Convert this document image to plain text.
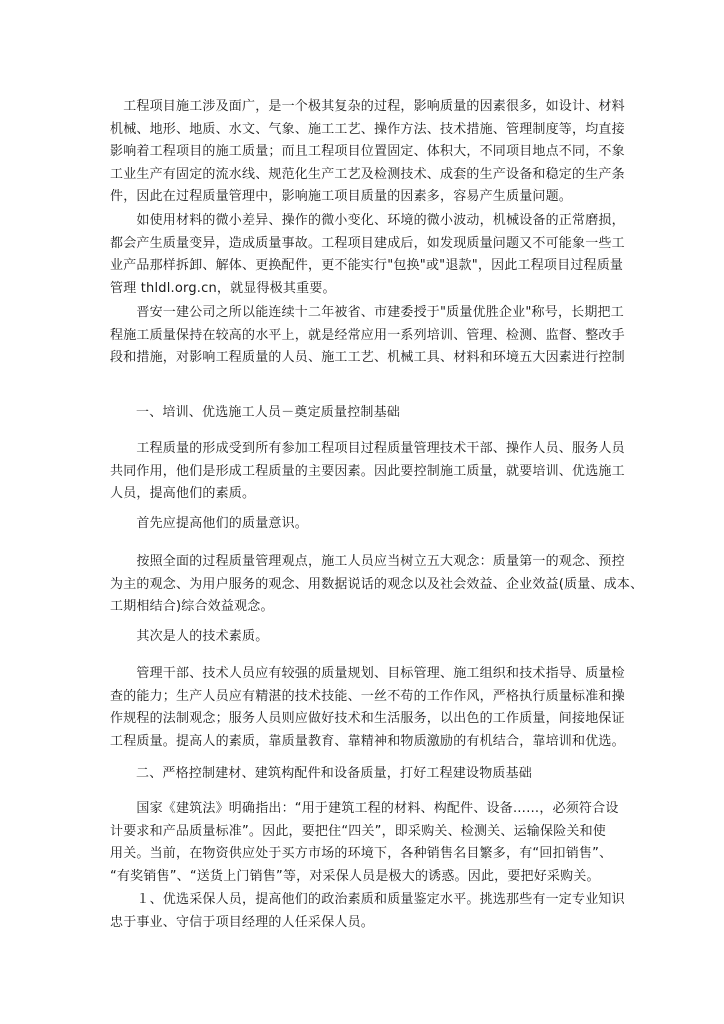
　工程项目施工涉及面广，是一个极其复杂的过程，影响质量的因素很多，如设计、材料
机械、地形、地质、水文、气象、施工工艺、操作方法、技术措施、管理制度等，均直接
影响着工程项目的施工质量；而且工程项目位置固定、体积大，不同项目地点不同，不象
工业生产有固定的流水线、规范化生产工艺及检测技术、成套的生产设备和稳定的生产条
件，因此在过程质量管理中，影响施工项目质量的因素多，容易产生质量问题。

　　如使用材料的微小差异、操作的微小变化、环境的微小波动，机械设备的正常磨损，
都会产生质量变异，造成质量事故。工程项目建成后，如发现质量问题又不可能象一些工
业产品那样拆卸、解体、更换配件，更不能实行"包换"或"退款"，因此工程项目过程质量
管理 thldl.org.cn，就显得极其重要。

　　晋安一建公司之所以能连续十二年被省、市建委授于"质量优胜企业"称号，长期把工
程施工质量保持在较高的水平上，就是经常应用一系列培训、管理、检测、监督、整改手
段和措施，对影响工程质量的人员、施工工艺、机械工具、材料和环境五大因素进行控制

一、培训、优选施工人员－奠定质量控制基础

　　工程质量的形成受到所有参加工程项目过程质量管理技术干部、操作人员、服务人员
共同作用，他们是形成工程质量的主要因素。因此要控制施工质量，就要培训、优选施工
人员，提高他们的素质。

　　首先应提高他们的质量意识。

　　按照全面的过程质量管理观点，施工人员应当树立五大观念：质量第一的观念、预控
为主的观念、为用户服务的观念、用数据说话的观念以及社会效益、企业效益(质量、成本、
工期相结合)综合效益观念。

　　其次是人的技术素质。

　　管理干部、技术人员应有较强的质量规划、目标管理、施工组织和技术指导、质量检
查的能力；生产人员应有精湛的技术技能、一丝不苟的工作作风，严格执行质量标准和操
作规程的法制观念；服务人员则应做好技术和生活服务，以出色的工作质量，间接地保证
工程质量。提高人的素质，靠质量教育、靠精神和物质激励的有机结合，靠培训和优选。

二、严格控制建材、建筑构配件和设备质量，打好工程建设物质基础

　　国家《建筑法》明确指出：“用于建筑工程的材料、构配件、设备……，必须符合设
计要求和产品质量标准”。因此，要把住“四关”，即采购关、检测关、运输保险关和使
用关。当前，在物资供应处于买方市场的环境下，各种销售名目繁多，有“回扣销售”、
“有奖销售”、“送货上门销售”等，对采保人员是极大的诱惑。因此，要把好采购关。

　　１、优选采保人员，提高他们的政治素质和质量鉴定水平。挑选那些有一定专业知识
忠于事业、守信于项目经理的人任采保人员。
